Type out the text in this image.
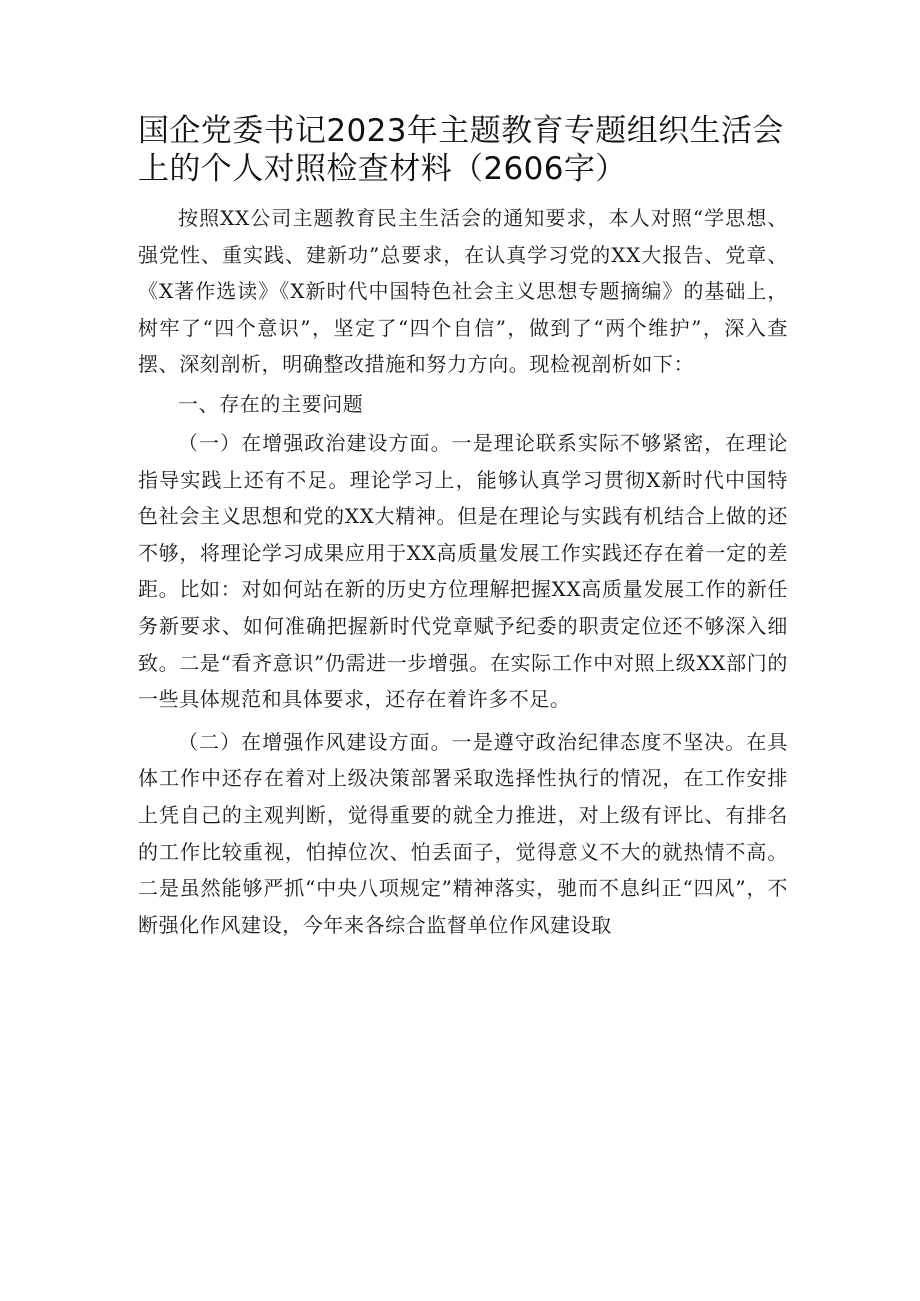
国企党委书记2023年主题教育专题组织生活会上的个人对照检查材料（2606字）

按照XX公司主题教育民主生活会的通知要求，本人对照“学思想、强党性、重实践、建新功”总要求，在认真学习党的XX大报告、党章、《X著作选读》《X新时代中国特色社会主义思想专题摘编》的基础上，树牢了“四个意识”，坚定了“四个自信”，做到了“两个维护”，深入查摆、深刻剖析，明确整改措施和努力方向。现检视剖析如下：

一、存在的主要问题

（一）在增强政治建设方面。一是理论联系实际不够紧密，在理论指导实践上还有不足。理论学习上，能够认真学习贯彻X新时代中国特色社会主义思想和党的XX大精神。但是在理论与实践有机结合上做的还不够，将理论学习成果应用于XX高质量发展工作实践还存在着一定的差距。比如：对如何站在新的历史方位理解把握XX高质量发展工作的新任务新要求、如何准确把握新时代党章赋予纪委的职责定位还不够深入细致。二是“看齐意识”仍需进一步增强。在实际工作中对照上级XX部门的一些具体规范和具体要求，还存在着许多不足。

（二）在增强作风建设方面。一是遵守政治纪律态度不坚决。在具体工作中还存在着对上级决策部署采取选择性执行的情况，在工作安排上凭自己的主观判断，觉得重要的就全力推进，对上级有评比、有排名的工作比较重视，怕掉位次、怕丢面子，觉得意义不大的就热情不高。二是虽然能够严抓“中央八项规定”精神落实，驰而不息纠正“四风”，不断强化作风建设，今年来各综合监督单位作风建设取
